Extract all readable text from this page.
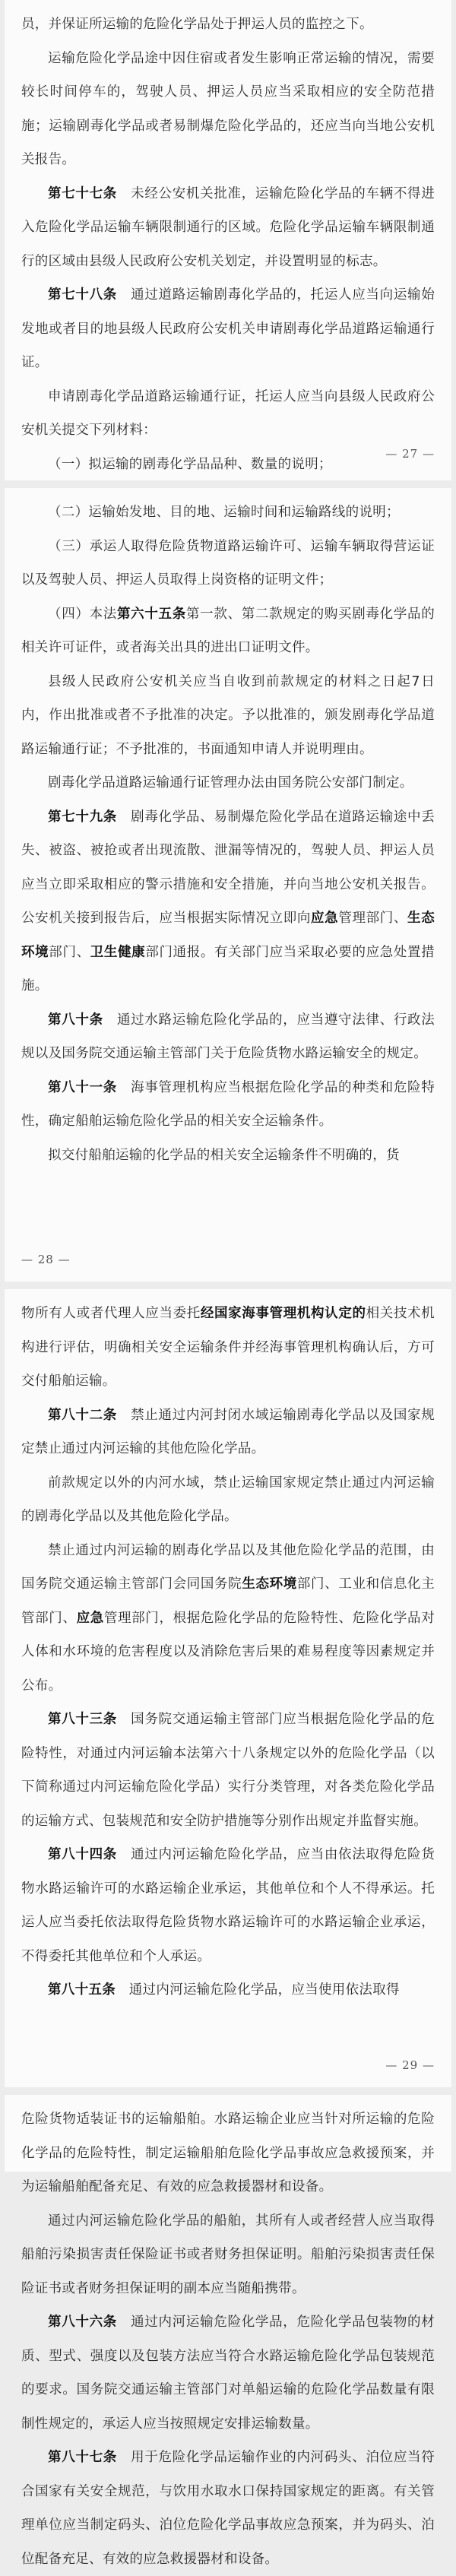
员，并保证所运输的危险化学品处于押运人员的监控之下。

运输危险化学品途中因住宿或者发生影响正常运输的情况，需要较长时间停车的，驾驶人员、押运人员应当采取相应的安全防范措施；运输剧毒化学品或者易制爆危险化学品的，还应当向当地公安机关报告。

第七十七条　未经公安机关批准，运输危险化学品的车辆不得进入危险化学品运输车辆限制通行的区域。危险化学品运输车辆限制通行的区域由县级人民政府公安机关划定，并设置明显的标志。

第七十八条　通过道路运输剧毒化学品的，托运人应当向运输始发地或者目的地县级人民政府公安机关申请剧毒化学品道路运输通行证。

申请剧毒化学品道路运输通行证，托运人应当向县级人民政府公安机关提交下列材料：

（一）拟运输的剧毒化学品品种、数量的说明；

— 27 —

（二）运输始发地、目的地、运输时间和运输路线的说明；

（三）承运人取得危险货物道路运输许可、运输车辆取得营运证以及驾驶人员、押运人员取得上岗资格的证明文件；

（四）本法第六十五条第一款、第二款规定的购买剧毒化学品的相关许可证件，或者海关出具的进出口证明文件。

县级人民政府公安机关应当自收到前款规定的材料之日起7日内，作出批准或者不予批准的决定。予以批准的，颁发剧毒化学品道路运输通行证；不予批准的，书面通知申请人并说明理由。

剧毒化学品道路运输通行证管理办法由国务院公安部门制定。

第七十九条　剧毒化学品、易制爆危险化学品在道路运输途中丢失、被盗、被抢或者出现流散、泄漏等情况的，驾驶人员、押运人员应当立即采取相应的警示措施和安全措施，并向当地公安机关报告。公安机关接到报告后，应当根据实际情况立即向应急管理部门、生态环境部门、卫生健康部门通报。有关部门应当采取必要的应急处置措施。

第八十条　通过水路运输危险化学品的，应当遵守法律、行政法规以及国务院交通运输主管部门关于危险货物水路运输安全的规定。

第八十一条　海事管理机构应当根据危险化学品的种类和危险特性，确定船舶运输危险化学品的相关安全运输条件。

拟交付船舶运输的化学品的相关安全运输条件不明确的，货

— 28 —

物所有人或者代理人应当委托经国家海事管理机构认定的相关技术机构进行评估，明确相关安全运输条件并经海事管理机构确认后，方可交付船舶运输。

第八十二条　禁止通过内河封闭水域运输剧毒化学品以及国家规定禁止通过内河运输的其他危险化学品。

前款规定以外的内河水域，禁止运输国家规定禁止通过内河运输的剧毒化学品以及其他危险化学品。

禁止通过内河运输的剧毒化学品以及其他危险化学品的范围，由国务院交通运输主管部门会同国务院生态环境部门、工业和信息化主管部门、应急管理部门，根据危险化学品的危险特性、危险化学品对人体和水环境的危害程度以及消除危害后果的难易程度等因素规定并公布。

第八十三条　国务院交通运输主管部门应当根据危险化学品的危险特性，对通过内河运输本法第六十八条规定以外的危险化学品（以下简称通过内河运输危险化学品）实行分类管理，对各类危险化学品的运输方式、包装规范和安全防护措施等分别作出规定并监督实施。

第八十四条　通过内河运输危险化学品，应当由依法取得危险货物水路运输许可的水路运输企业承运，其他单位和个人不得承运。托运人应当委托依法取得危险货物水路运输许可的水路运输企业承运，不得委托其他单位和个人承运。

第八十五条　通过内河运输危险化学品，应当使用依法取得

— 29 —

危险货物适装证书的运输船舶。水路运输企业应当针对所运输的危险化学品的危险特性，制定运输船舶危险化学品事故应急救援预案，并为运输船舶配备充足、有效的应急救援器材和设备。

通过内河运输危险化学品的船舶，其所有人或者经营人应当取得船舶污染损害责任保险证书或者财务担保证明。船舶污染损害责任保险证书或者财务担保证明的副本应当随船携带。

第八十六条　通过内河运输危险化学品，危险化学品包装物的材质、型式、强度以及包装方法应当符合水路运输危险化学品包装规范的要求。国务院交通运输主管部门对单船运输的危险化学品数量有限制性规定的，承运人应当按照规定安排运输数量。

第八十七条　用于危险化学品运输作业的内河码头、泊位应当符合国家有关安全规范，与饮用水取水口保持国家规定的距离。有关管理单位应当制定码头、泊位危险化学品事故应急预案，并为码头、泊位配备充足、有效的应急救援器材和设备。
